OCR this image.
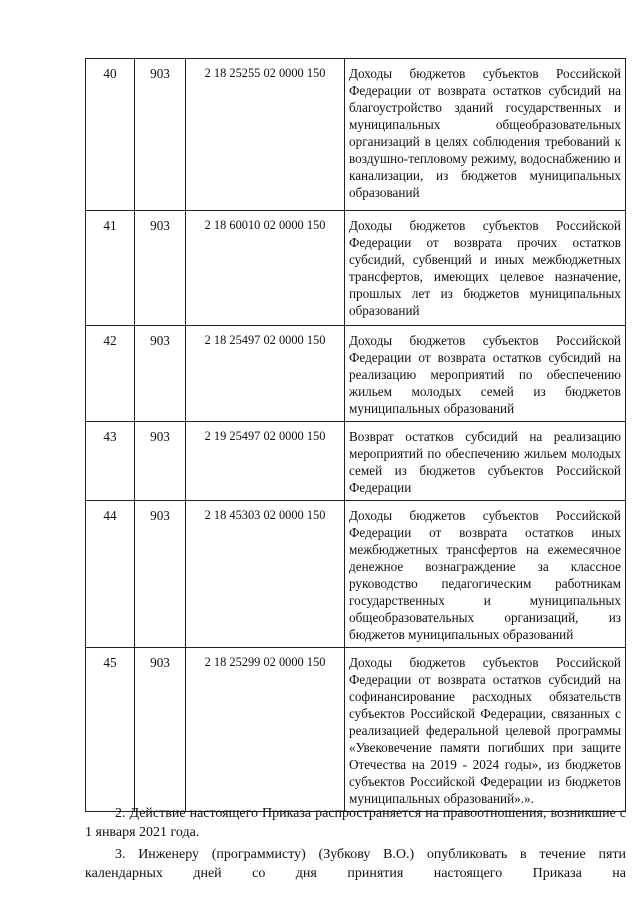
40	903	2 18 25255 02 0000 150	Доходы бюджетов субъектов Российской Федерации от возврата остатков субсидий на благоустройство зданий государственных и муниципальных общеобразовательных организаций в целях соблюдения требований к воздушно-тепловому режиму, водоснабжению и канализации, из бюджетов муниципальных образований
41	903	2 18 60010 02 0000 150	Доходы бюджетов субъектов Российской Федерации от возврата прочих остатков субсидий, субвенций и иных межбюджетных трансфертов, имеющих целевое назначение, прошлых лет из бюджетов муниципальных образований
42	903	2 18 25497 02 0000 150	Доходы бюджетов субъектов Российской Федерации от возврата остатков субсидий на реализацию мероприятий по обеспечению жильем молодых семей из бюджетов муниципальных образований
43	903	2 19 25497 02 0000 150	Возврат остатков субсидий на реализацию мероприятий по обеспечению жильем молодых семей из бюджетов субъектов Российской Федерации
44	903	2 18 45303 02 0000 150	Доходы бюджетов субъектов Российской Федерации от возврата остатков иных межбюджетных трансфертов на ежемесячное денежное вознаграждение за классное руководство педагогическим работникам государственных и муниципальных общеобразовательных организаций, из бюджетов муниципальных образований
45	903	2 18 25299 02 0000 150	Доходы бюджетов субъектов Российской Федерации от возврата остатков субсидий на софинансирование расходных обязательств субъектов Российской Федерации, связанных с реализацией федеральной целевой программы «Увековечение памяти погибших при защите Отечества на 2019 - 2024 годы», из бюджетов субъектов Российской Федерации из бюджетов муниципальных образований».».

2. Действие настоящего Приказа распространяется на правоотношения, возникшие с 1 января 2021 года.

3. Инженеру (программисту) (Зубкову В.О.) опубликовать в течение пяти календарных дней со дня принятия настоящего Приказа на
